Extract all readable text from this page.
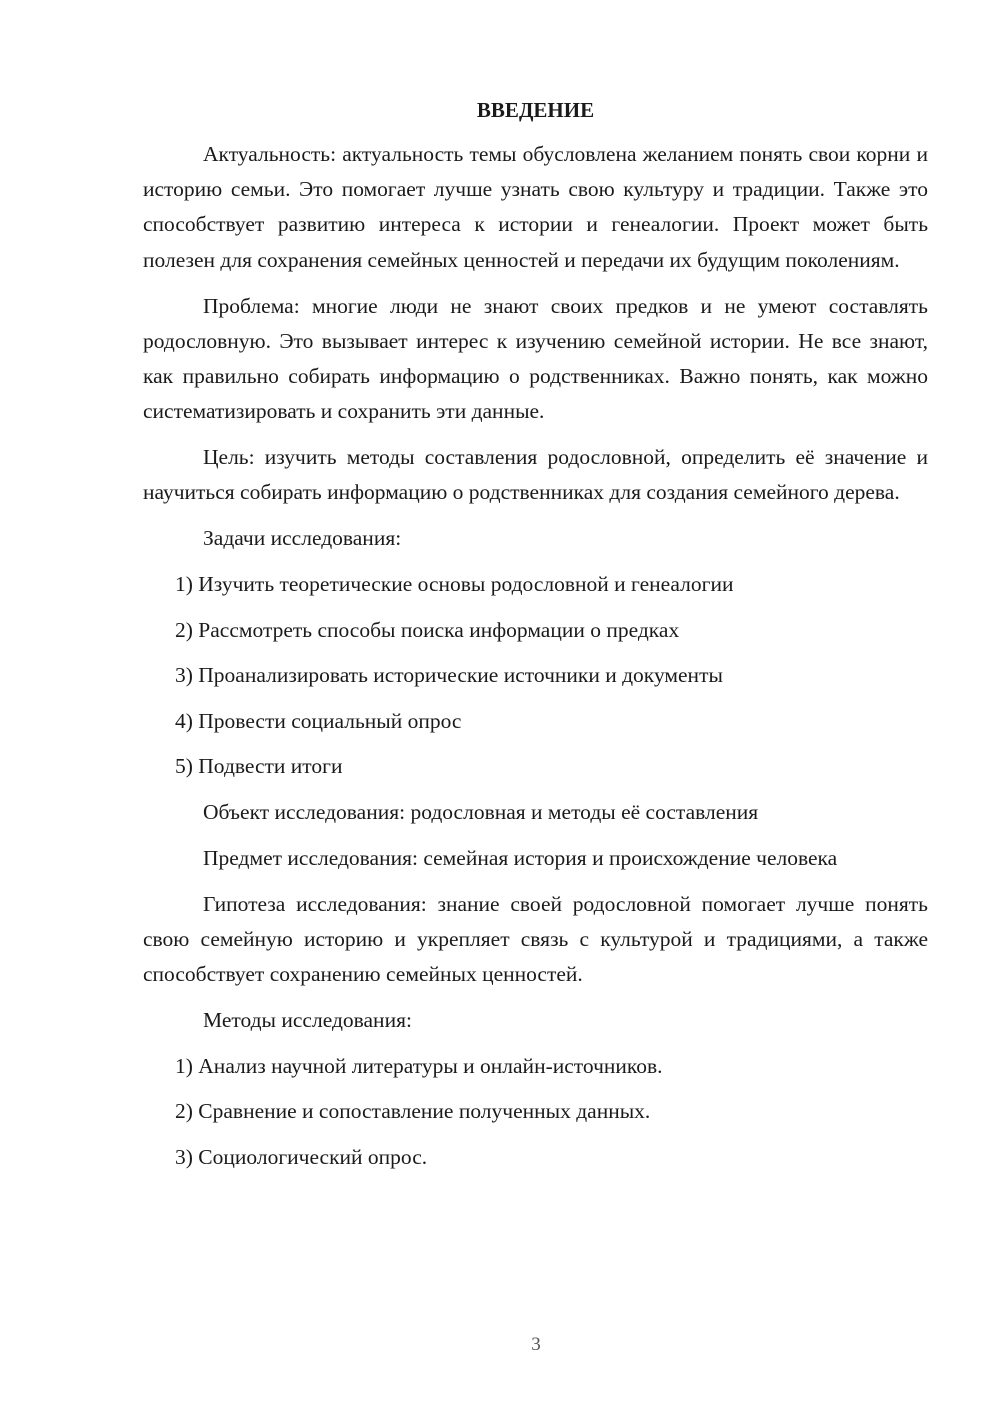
ВВЕДЕНИЕ

Актуальность: актуальность темы обусловлена желанием понять свои корни и историю семьи. Это помогает лучше узнать свою культуру и традиции. Также это способствует развитию интереса к истории и генеалогии. Проект может быть полезен для сохранения семейных ценностей и передачи их будущим поколениям.

Проблема: многие люди не знают своих предков и не умеют составлять родословную. Это вызывает интерес к изучению семейной истории. Не все знают, как правильно собирать информацию о родственниках. Важно понять, как можно систематизировать и сохранить эти данные.

Цель: изучить методы составления родословной, определить её значение и научиться собирать информацию о родственниках для создания семейного дерева.

Задачи исследования:
1) Изучить теоретические основы родословной и генеалогии
2) Рассмотреть способы поиска информации о предках
3) Проанализировать исторические источники и документы
4) Провести социальный опрос
5) Подвести итоги
Объект исследования: родословная и методы её составления

Предмет исследования: семейная история и происхождение человека

Гипотеза исследования: знание своей родословной помогает лучше понять свою семейную историю и укрепляет связь с культурой и традициями, а также способствует сохранению семейных ценностей.

Методы исследования:
1) Анализ научной литературы и онлайн-источников.
2) Сравнение и сопоставление полученных данных.
3) Социологический опрос.
3
